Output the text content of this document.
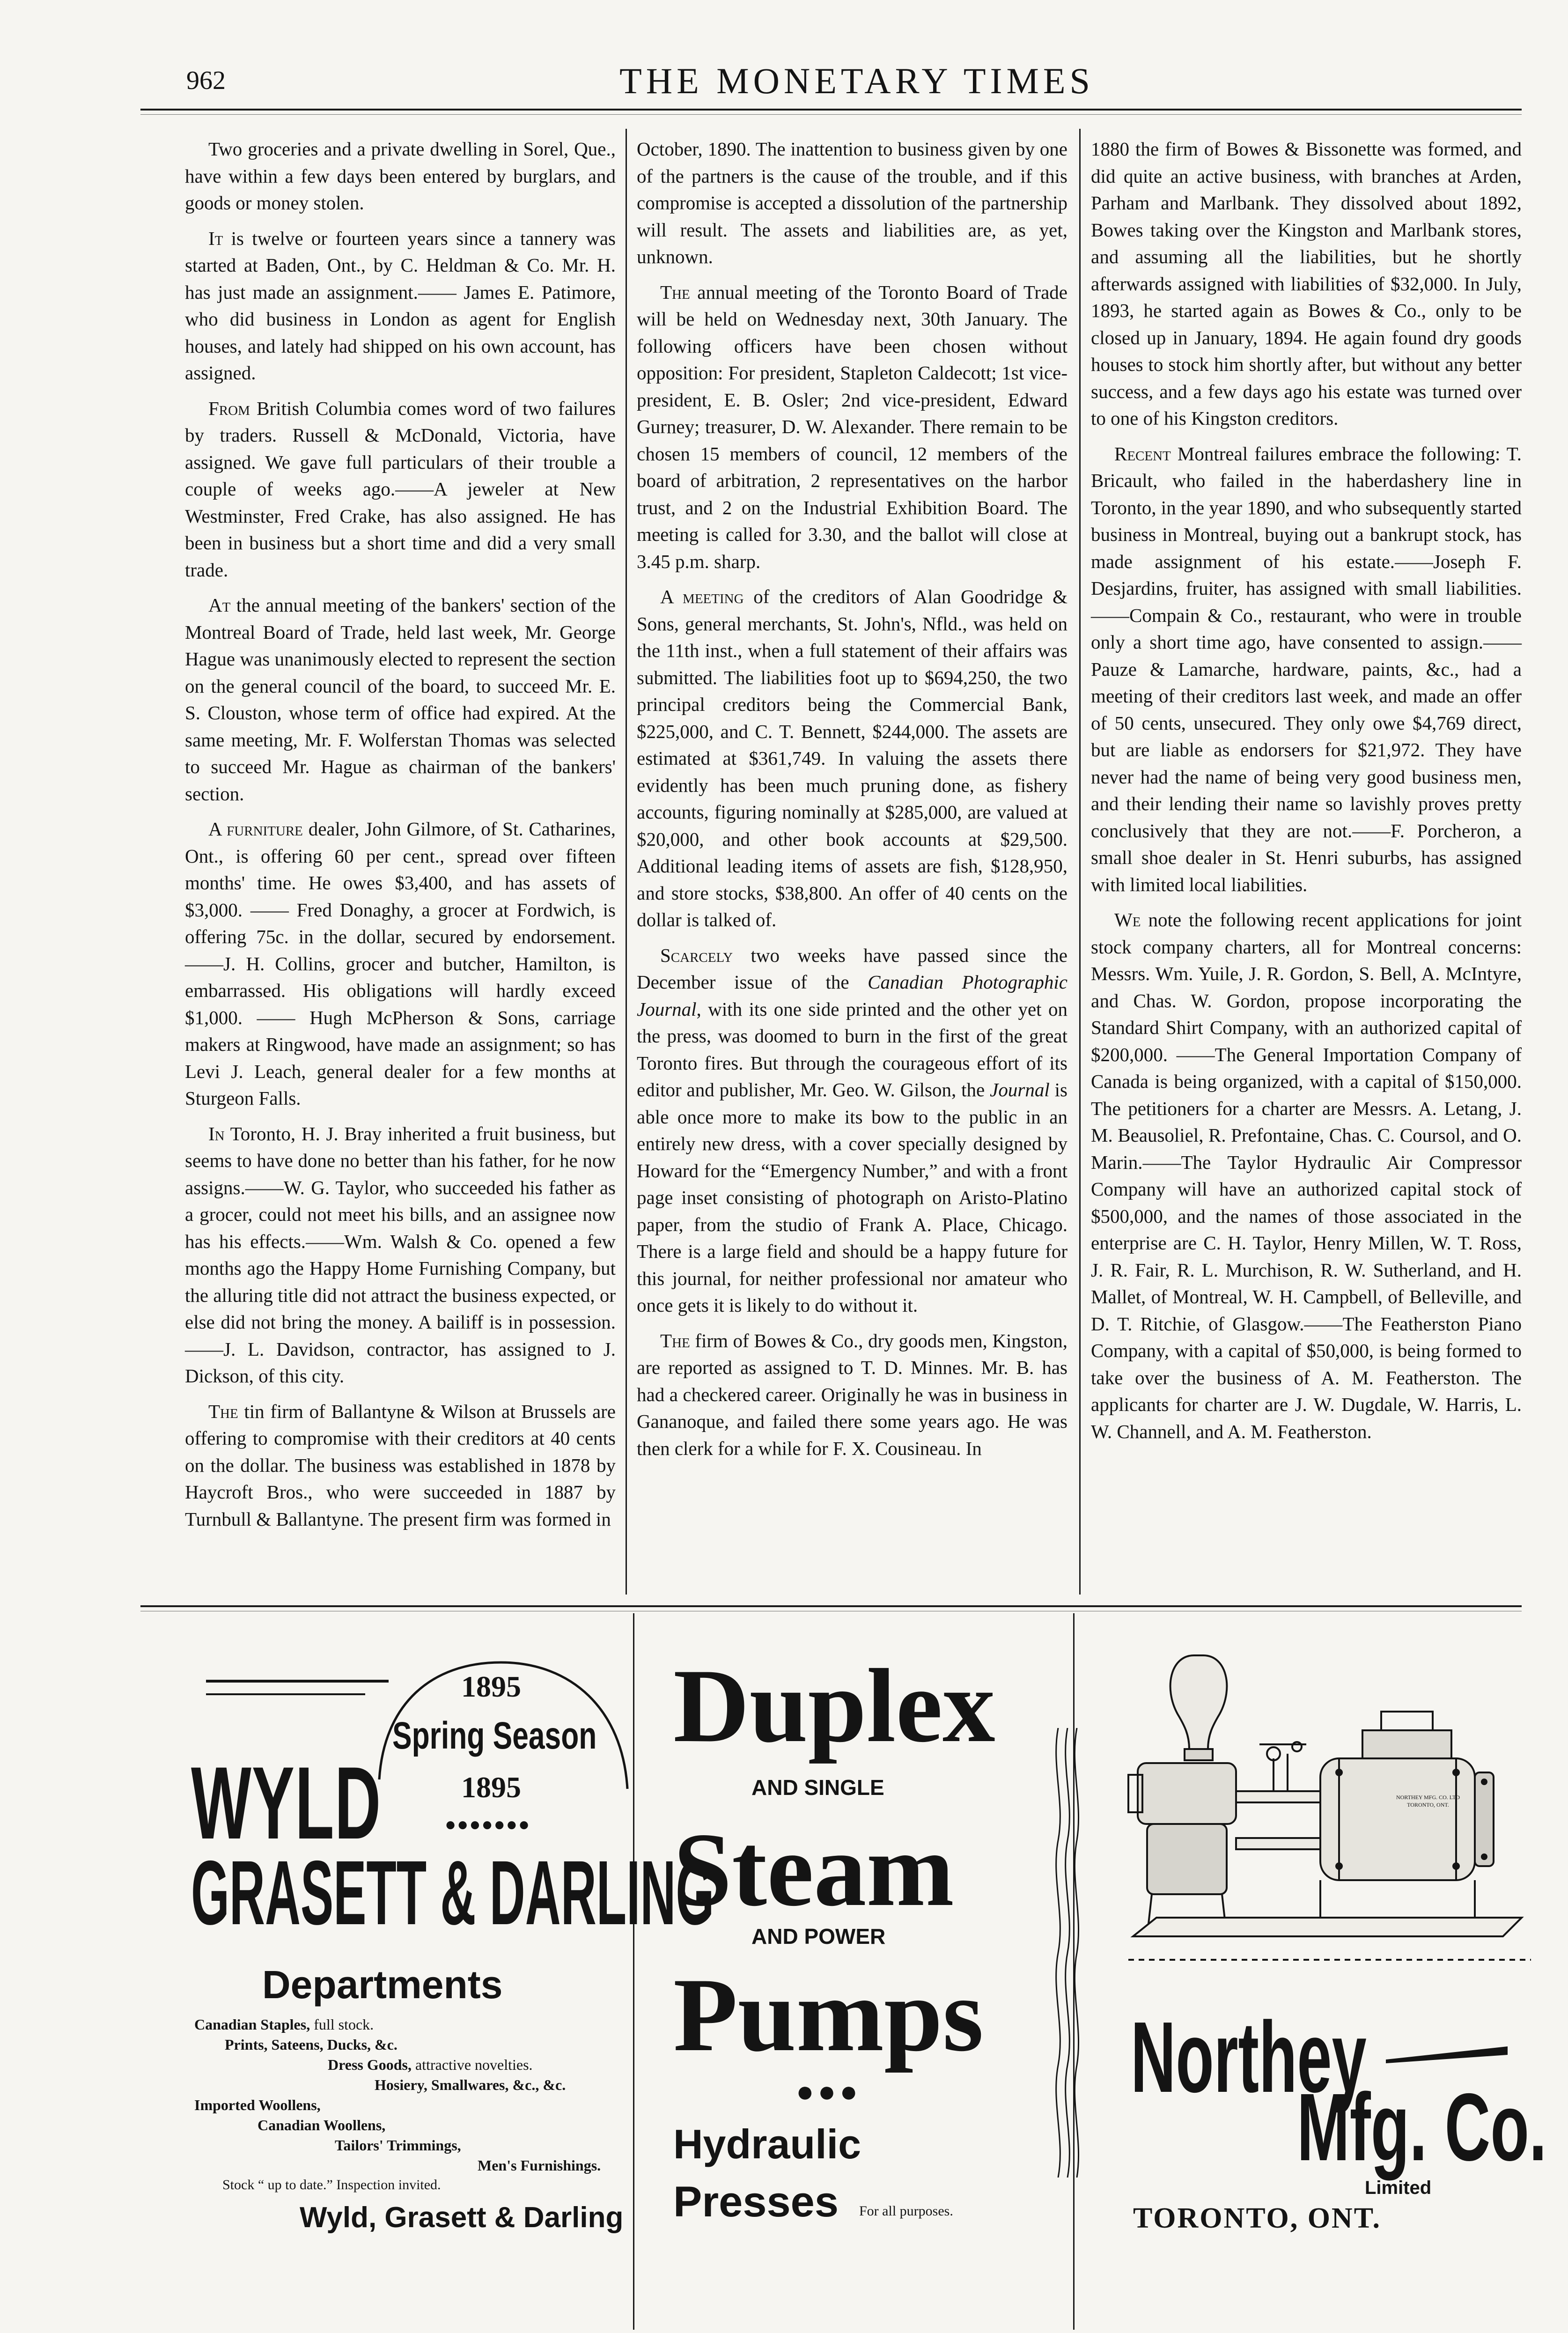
962	THE MONETARY TIMES

Two groceries and a private dwelling in Sorel, Que., have within a few days been entered by burglars, and goods or money stolen.

It is twelve or fourteen years since a tannery was started at Baden, Ont., by C. Heldman & Co. Mr. H. has just made an assignment.—— James E. Patimore, who did business in London as agent for English houses, and lately had shipped on his own account, has assigned.

From British Columbia comes word of two failures by traders. Russell & McDonald, Victoria, have assigned. We gave full particulars of their trouble a couple of weeks ago.——A jeweler at New Westminster, Fred Crake, has also assigned. He has been in business but a short time and did a very small trade.

At the annual meeting of the bankers' section of the Montreal Board of Trade, held last week, Mr. George Hague was unanimously elected to represent the section on the general council of the board, to succeed Mr. E. S. Clouston, whose term of office had expired. At the same meeting, Mr. F. Wolferstan Thomas was selected to succeed Mr. Hague as chairman of the bankers' section.

A furniture dealer, John Gilmore, of St. Catharines, Ont., is offering 60 per cent., spread over fifteen months' time. He owes $3,400, and has assets of $3,000. —— Fred Donaghy, a grocer at Fordwich, is offering 75c. in the dollar, secured by endorsement.——J. H. Collins, grocer and butcher, Hamilton, is embarrassed. His obligations will hardly exceed $1,000. —— Hugh McPherson & Sons, carriage makers at Ringwood, have made an assignment; so has Levi J. Leach, general dealer for a few months at Sturgeon Falls.

In Toronto, H. J. Bray inherited a fruit business, but seems to have done no better than his father, for he now assigns.——W. G. Taylor, who succeeded his father as a grocer, could not meet his bills, and an assignee now has his effects.——Wm. Walsh & Co. opened a few months ago the Happy Home Furnishing Company, but the alluring title did not attract the business expected, or else did not bring the money. A bailiff is in possession.——J. L. Davidson, contractor, has assigned to J. Dickson, of this city.

The tin firm of Ballantyne & Wilson at Brussels are offering to compromise with their creditors at 40 cents on the dollar. The business was established in 1878 by Haycroft Bros., who were succeeded in 1887 by Turnbull & Ballantyne. The present firm was formed in

October, 1890. The inattention to business given by one of the partners is the cause of the trouble, and if this compromise is accepted a dissolution of the partnership will result. The assets and liabilities are, as yet, unknown.

The annual meeting of the Toronto Board of Trade will be held on Wednesday next, 30th January. The following officers have been chosen without opposition: For president, Stapleton Caldecott; 1st vice-president, E. B. Osler; 2nd vice-president, Edward Gurney; treasurer, D. W. Alexander. There remain to be chosen 15 members of council, 12 members of the board of arbitration, 2 representatives on the harbor trust, and 2 on the Industrial Exhibition Board. The meeting is called for 3.30, and the ballot will close at 3.45 p.m. sharp.

A meeting of the creditors of Alan Goodridge & Sons, general merchants, St. John's, Nfld., was held on the 11th inst., when a full statement of their affairs was submitted. The liabilities foot up to $694,250, the two principal creditors being the Commercial Bank, $225,000, and C. T. Bennett, $244,000. The assets are estimated at $361,749. In valuing the assets there evidently has been much pruning done, as fishery accounts, figuring nominally at $285,000, are valued at $20,000, and other book accounts at $29,500. Additional leading items of assets are fish, $128,950, and store stocks, $38,800. An offer of 40 cents on the dollar is talked of.

Scarcely two weeks have passed since the December issue of the Canadian Photographic Journal, with its one side printed and the other yet on the press, was doomed to burn in the first of the great Toronto fires. But through the courageous effort of its editor and publisher, Mr. Geo. W. Gilson, the Journal is able once more to make its bow to the public in an entirely new dress, with a cover specially designed by Howard for the “Emergency Number,” and with a front page inset consisting of photograph on Aristo-Platino paper, from the studio of Frank A. Place, Chicago. There is a large field and should be a happy future for this journal, for neither professional nor amateur who once gets it is likely to do without it.

The firm of Bowes & Co., dry goods men, Kingston, are reported as assigned to T. D. Minnes. Mr. B. has had a checkered career. Originally he was in business in Gananoque, and failed there some years ago. He was then clerk for a while for F. X. Cousineau. In

1880 the firm of Bowes & Bissonette was formed, and did quite an active business, with branches at Arden, Parham and Marlbank. They dissolved about 1892, Bowes taking over the Kingston and Marlbank stores, and assuming all the liabilities, but he shortly afterwards assigned with liabilities of $32,000. In July, 1893, he started again as Bowes & Co., only to be closed up in January, 1894. He again found dry goods houses to stock him shortly after, but without any better success, and a few days ago his estate was turned over to one of his Kingston creditors.

Recent Montreal failures embrace the following: T. Bricault, who failed in the haberdashery line in Toronto, in the year 1890, and who subsequently started business in Montreal, buying out a bankrupt stock, has made assignment of his estate.——Joseph F. Desjardins, fruiter, has assigned with small liabilities.——Compain & Co., restaurant, who were in trouble only a short time ago, have consented to assign.——Pauze & Lamarche, hardware, paints, &c., had a meeting of their creditors last week, and made an offer of 50 cents, unsecured. They only owe $4,769 direct, but are liable as endorsers for $21,972. They have never had the name of being very good business men, and their lending their name so lavishly proves pretty conclusively that they are not.——F. Porcheron, a small shoe dealer in St. Henri suburbs, has assigned with limited local liabilities.

We note the following recent applications for joint stock company charters, all for Montreal concerns: Messrs. Wm. Yuile, J. R. Gordon, S. Bell, A. McIntyre, and Chas. W. Gordon, propose incorporating the Standard Shirt Company, with an authorized capital of $200,000. ——The General Importation Company of Canada is being organized, with a capital of $150,000. The petitioners for a charter are Messrs. A. Letang, J. M. Beausoliel, R. Prefontaine, Chas. C. Coursol, and O. Marin.——The Taylor Hydraulic Air Compressor Company will have an authorized capital stock of $500,000, and the names of those associated in the enterprise are C. H. Taylor, Henry Millen, W. T. Ross, J. R. Fair, R. L. Murchison, R. W. Sutherland, and H. Mallet, of Montreal, W. H. Campbell, of Belleville, and D. T. Ritchie, of Glasgow.——The Featherston Piano Company, with a capital of $50,000, is being formed to take over the business of A. M. Featherston. The applicants for charter are J. W. Dugdale, W. Harris, L. W. Channell, and A. M. Featherston.

1895
Spring Season
1895
●●●●●●●
WYLD
GRASETT & DARLING
Departments
Canadian Staples, full stock.
Prints, Sateens, Ducks, &c.
Dress Goods, attractive novelties.
Hosiery, Smallwares, &c., &c.
Imported Woollens,
Canadian Woollens,
Tailors' Trimmings,
Men's Furnishings.
Stock “ up to date.” Inspection invited.
Wyld, Grasett & Darling
Duplex
AND SINGLE
Steam
AND POWER
Pumps
●●●
Hydraulic
Presses For all purposes.
NORTHEY MFG. CO. LTD TORONTO, ONT.
Northey
Mfg. Co.
Limited
TORONTO, ONT.
